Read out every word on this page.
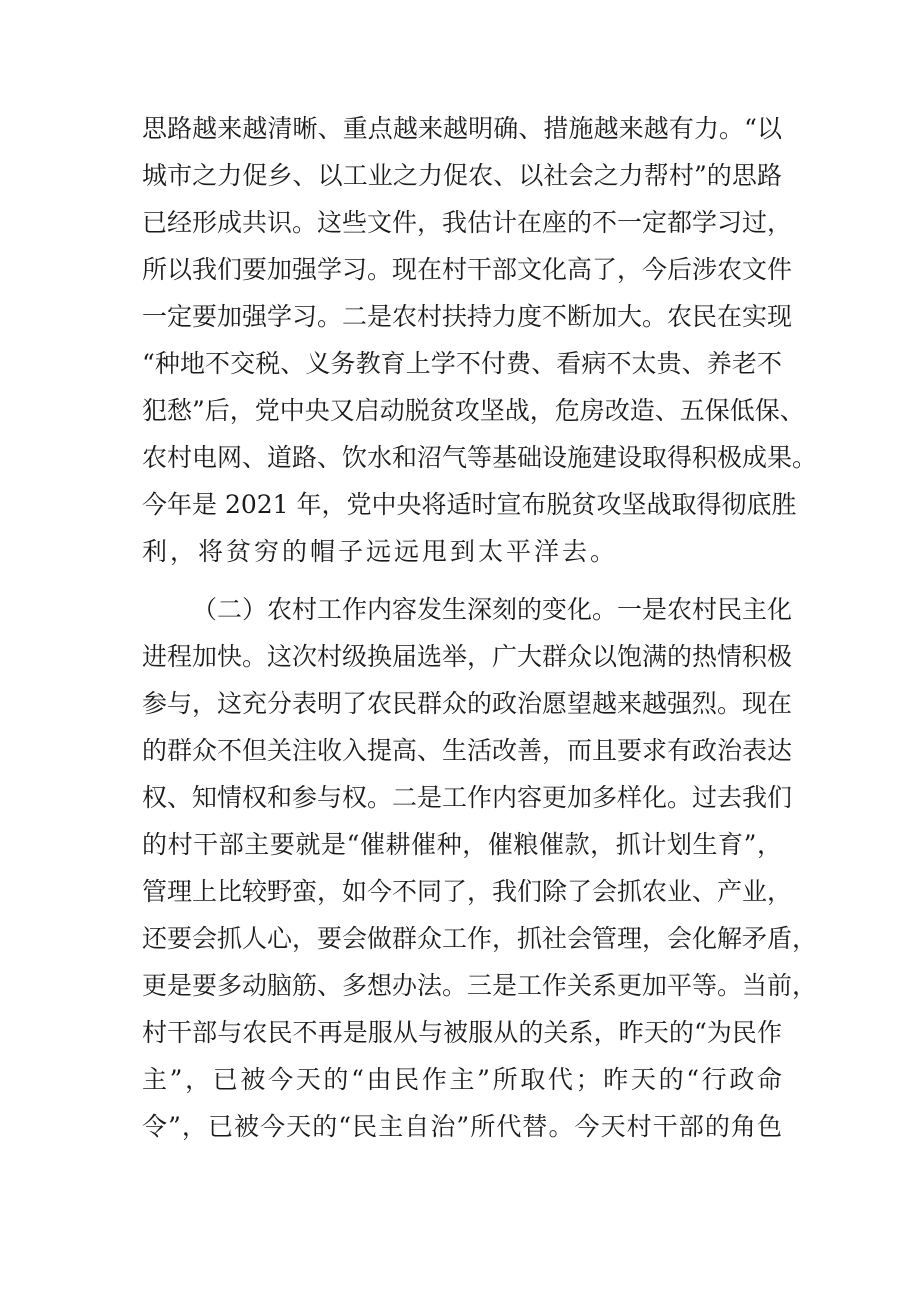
思路越来越清晰、重点越来越明确、措施越来越有力。“以

城市之力促乡、以工业之力促农、以社会之力帮村”的思路

已经形成共识。这些文件，我估计在座的不一定都学习过，

所以我们要加强学习。现在村干部文化高了，今后涉农文件

一定要加强学习。二是农村扶持力度不断加大。农民在实现

“种地不交税、义务教育上学不付费、看病不太贵、养老不

犯愁”后，党中央又启动脱贫攻坚战，危房改造、五保低保、

农村电网、道路、饮水和沼气等基础设施建设取得积极成果。

今年是 2021 年，党中央将适时宣布脱贫攻坚战取得彻底胜

利，将贫穷的帽子远远甩到太平洋去。

（二）农村工作内容发生深刻的变化。一是农村民主化

进程加快。这次村级换届选举，广大群众以饱满的热情积极

参与，这充分表明了农民群众的政治愿望越来越强烈。现在

的群众不但关注收入提高、生活改善，而且要求有政治表达

权、知情权和参与权。二是工作内容更加多样化。过去我们

的村干部主要就是“催耕催种，催粮催款，抓计划生育”，

管理上比较野蛮，如今不同了，我们除了会抓农业、产业，

还要会抓人心，要会做群众工作，抓社会管理，会化解矛盾，

更是要多动脑筋、多想办法。三是工作关系更加平等。当前，

村干部与农民不再是服从与被服从的关系，昨天的“为民作

主”，已被今天的“由民作主”所取代；昨天的“行政命

令”，已被今天的“民主自治”所代替。今天村干部的角色
